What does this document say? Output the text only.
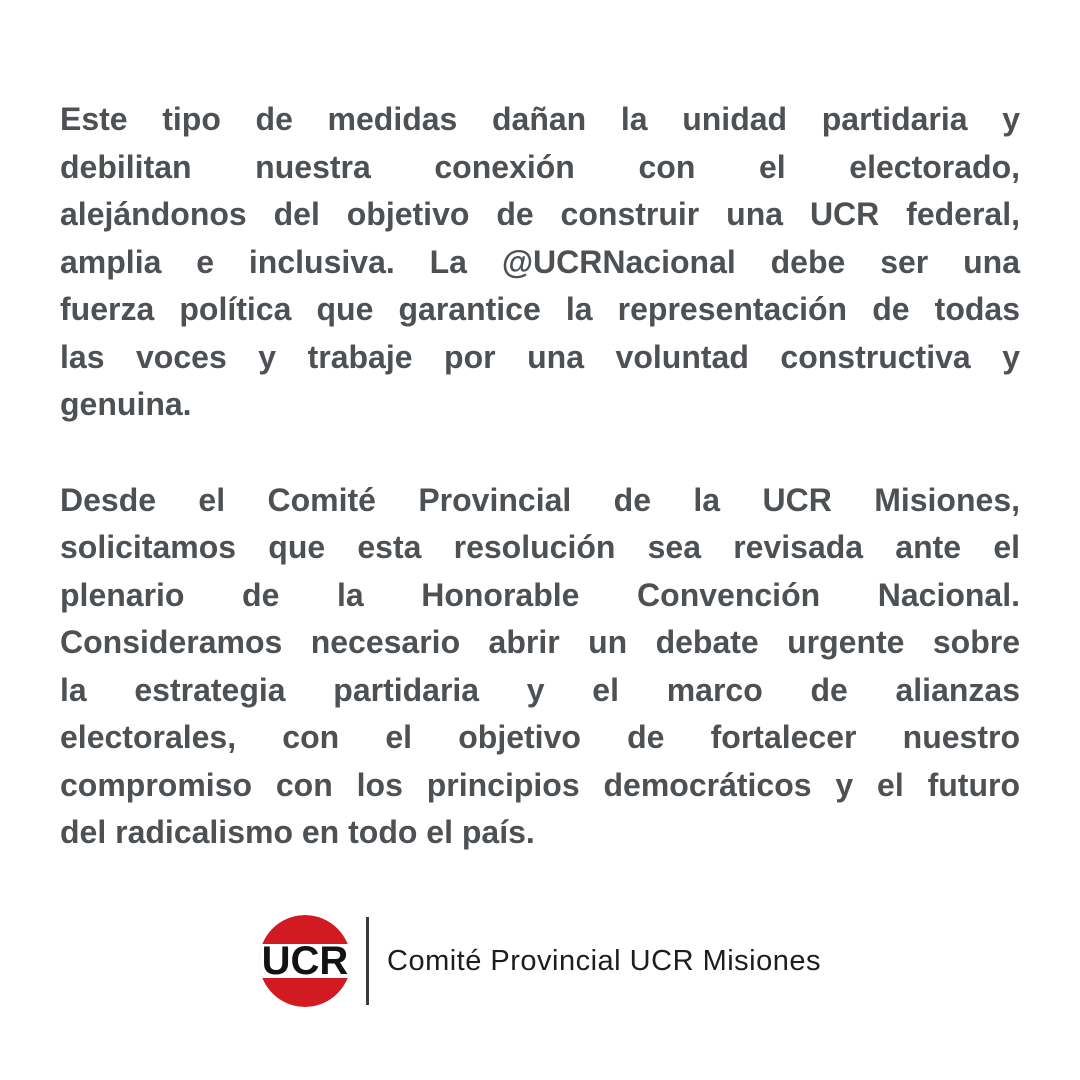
Este tipo de medidas dañan la unidad partidaria y
debilitan nuestra conexión con el electorado,
alejándonos del objetivo de construir una UCR federal,
amplia e inclusiva. La @UCRNacional debe ser una
fuerza política que garantice la representación de todas
las voces y trabaje por una voluntad constructiva y
genuina.
Desde el Comité Provincial de la UCR Misiones,
solicitamos que esta resolución sea revisada ante el
plenario de la Honorable Convención Nacional.
Consideramos necesario abrir un debate urgente sobre
la estrategia partidaria y el marco de alianzas
electorales, con el objetivo de fortalecer nuestro
compromiso con los principios democráticos y el futuro
del radicalismo en todo el país.
UCR Comité Provincial UCR Misiones
